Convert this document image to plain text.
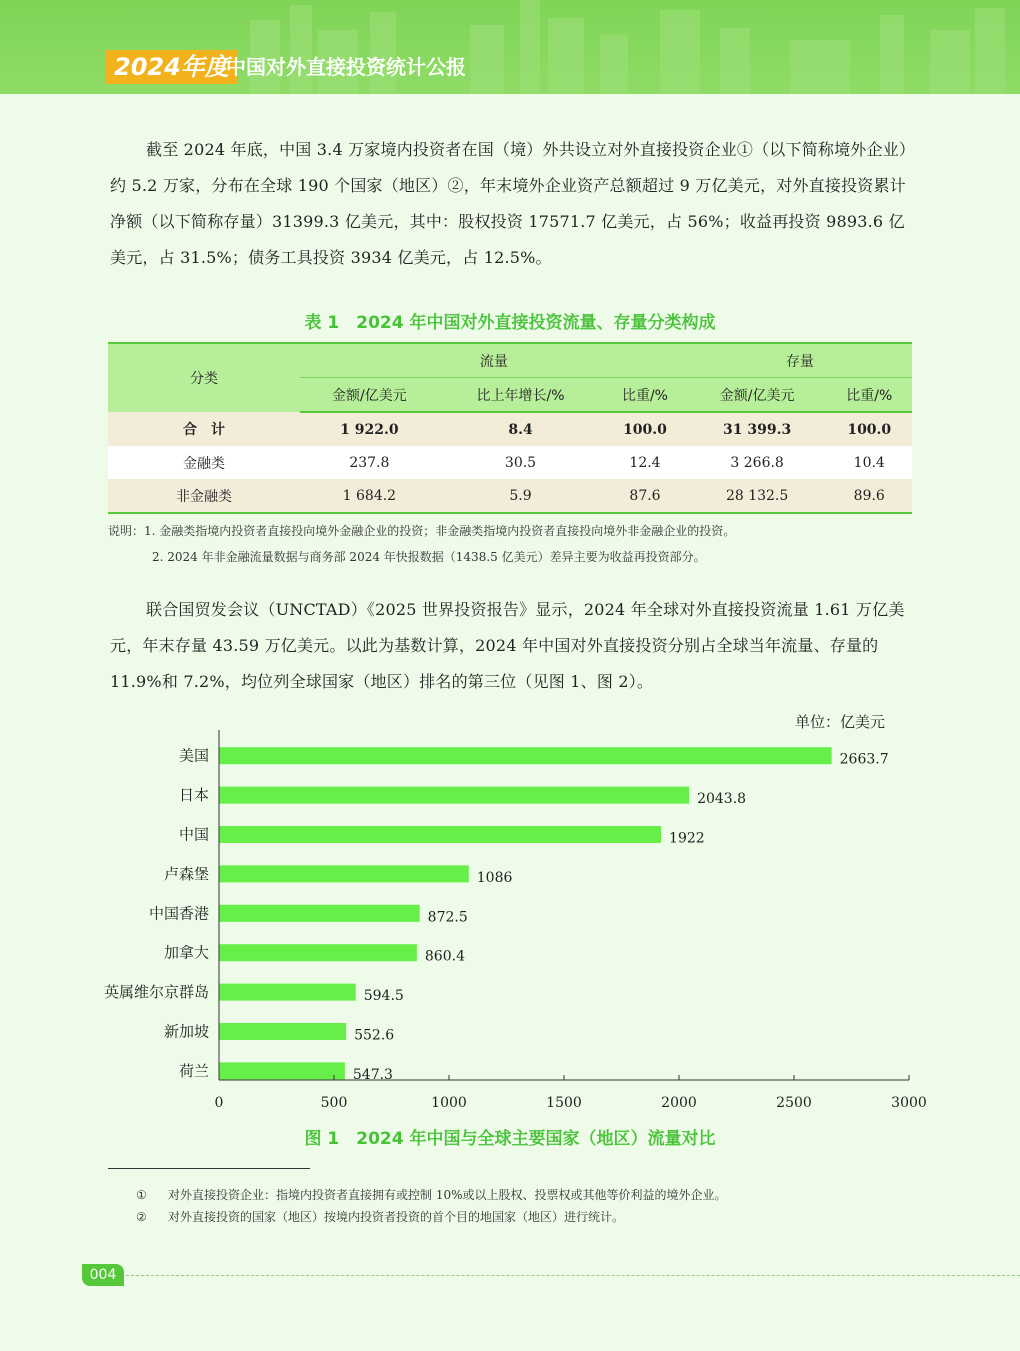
2024年度
中国对外直接投资统计公报

截至 2024 年底，中国 3.4 万家境内投资者在国（境）外共设立对外直接投资企业①（以下简称境外企业）约 5.2 万家，分布在全球 190 个国家（地区）②，年末境外企业资产总额超过 9 万亿美元，对外直接投资累计净额（以下简称存量）31399.3 亿美元，其中：股权投资 17571.7 亿美元，占 56%；收益再投资 9893.6 亿美元，占 31.5%；债务工具投资 3934 亿美元，占 12.5%。

表 1　2024 年中国对外直接投资流量、存量分类构成
分类	流量			存量	
	金额/亿美元	比上年增长/%	比重/%	金额/亿美元	比重/%
合　计	1 922.0	8.4	100.0	31 399.3	100.0
金融类	237.8	30.5	12.4	3 266.8	10.4
非金融类	1 684.2	5.9	87.6	28 132.5	89.6
说明：1. 金融类指境内投资者直接投向境外金融企业的投资；非金融类指境内投资者直接投向境外非金融企业的投资。
2. 2024 年非金融流量数据与商务部 2024 年快报数据（1438.5 亿美元）差异主要为收益再投资部分。

联合国贸发会议（UNCTAD）《2025 世界投资报告》显示，2024 年全球对外直接投资流量 1.61 万亿美元，年末存量 43.59 万亿美元。以此为基数计算，2024 年中国对外直接投资分别占全球当年流量、存量的 11.9%和 7.2%，均位列全球国家（地区）排名的第三位（见图 1、图 2）。

单位：亿美元
美国	2663.7
日本	2043.8
中国	1922
卢森堡	1086
中国香港	872.5
加拿大	860.4
英属维尔京群岛	594.5
新加坡	552.6
荷兰	547.3
0	500	1000	1500	2000	2500	3000
图 1　2024 年中国与全球主要国家（地区）流量对比
① 对外直接投资企业：指境内投资者直接拥有或控制 10%或以上股权、投票权或其他等价利益的境外企业。
② 对外直接投资的国家（地区）按境内投资者投资的首个目的地国家（地区）进行统计。
004
